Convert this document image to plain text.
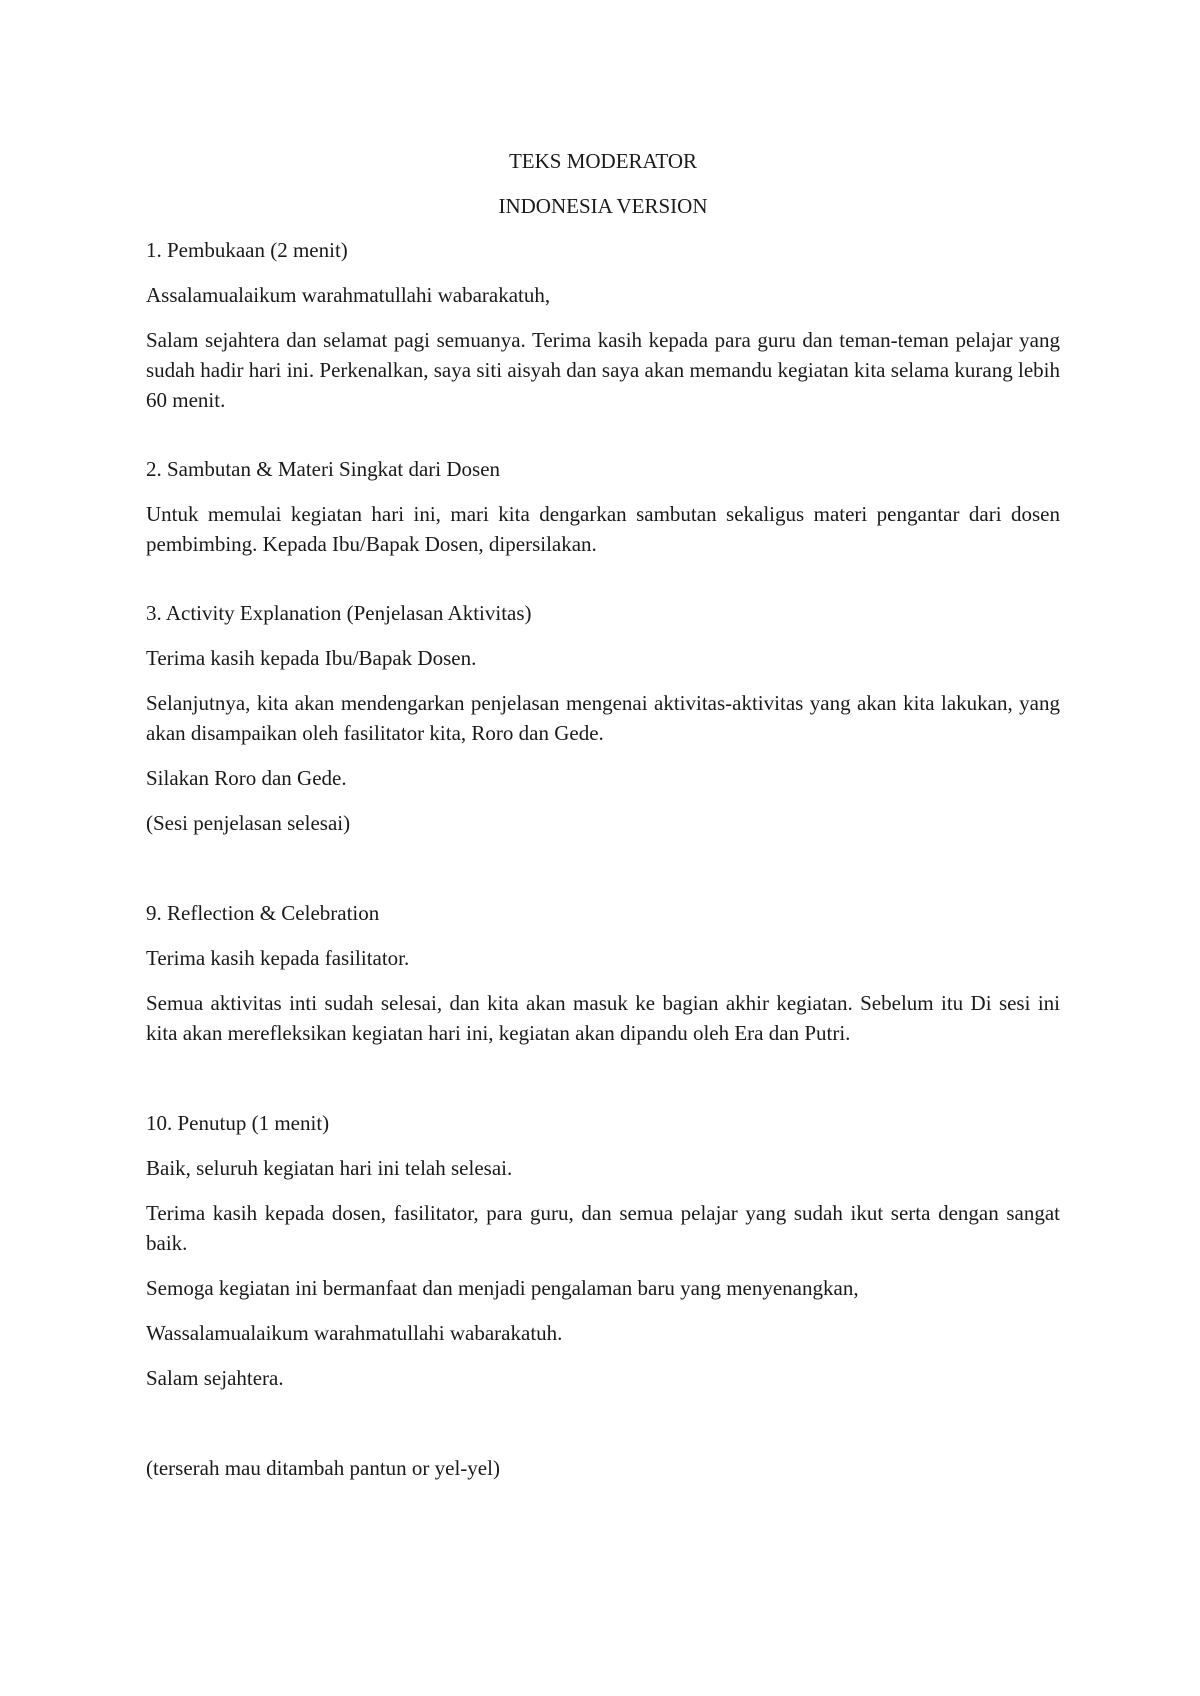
TEKS MODERATOR

INDONESIA VERSION

1. Pembukaan (2 menit)

Assalamualaikum warahmatullahi wabarakatuh,

Salam sejahtera dan selamat pagi semuanya. Terima kasih kepada para guru dan teman-teman pelajar yang sudah hadir hari ini. Perkenalkan, saya siti aisyah dan saya akan memandu kegiatan kita selama kurang lebih 60 menit.

2. Sambutan & Materi Singkat dari Dosen

Untuk memulai kegiatan hari ini, mari kita dengarkan sambutan sekaligus materi pengantar dari dosen pembimbing. Kepada Ibu/Bapak Dosen, dipersilakan.

3. Activity Explanation (Penjelasan Aktivitas)

Terima kasih kepada Ibu/Bapak Dosen.

Selanjutnya, kita akan mendengarkan penjelasan mengenai aktivitas-aktivitas yang akan kita lakukan, yang akan disampaikan oleh fasilitator kita, Roro dan Gede.

Silakan Roro dan Gede.

(Sesi penjelasan selesai)

9. Reflection & Celebration

Terima kasih kepada fasilitator.

Semua aktivitas inti sudah selesai, dan kita akan masuk ke bagian akhir kegiatan. Sebelum itu Di sesi ini kita akan merefleksikan kegiatan hari ini, kegiatan akan dipandu oleh Era dan Putri.

10. Penutup (1 menit)

Baik, seluruh kegiatan hari ini telah selesai.

Terima kasih kepada dosen, fasilitator, para guru, dan semua pelajar yang sudah ikut serta dengan sangat baik.

Semoga kegiatan ini bermanfaat dan menjadi pengalaman baru yang menyenangkan,

Wassalamualaikum warahmatullahi wabarakatuh.

Salam sejahtera.

(terserah mau ditambah pantun or yel-yel)
